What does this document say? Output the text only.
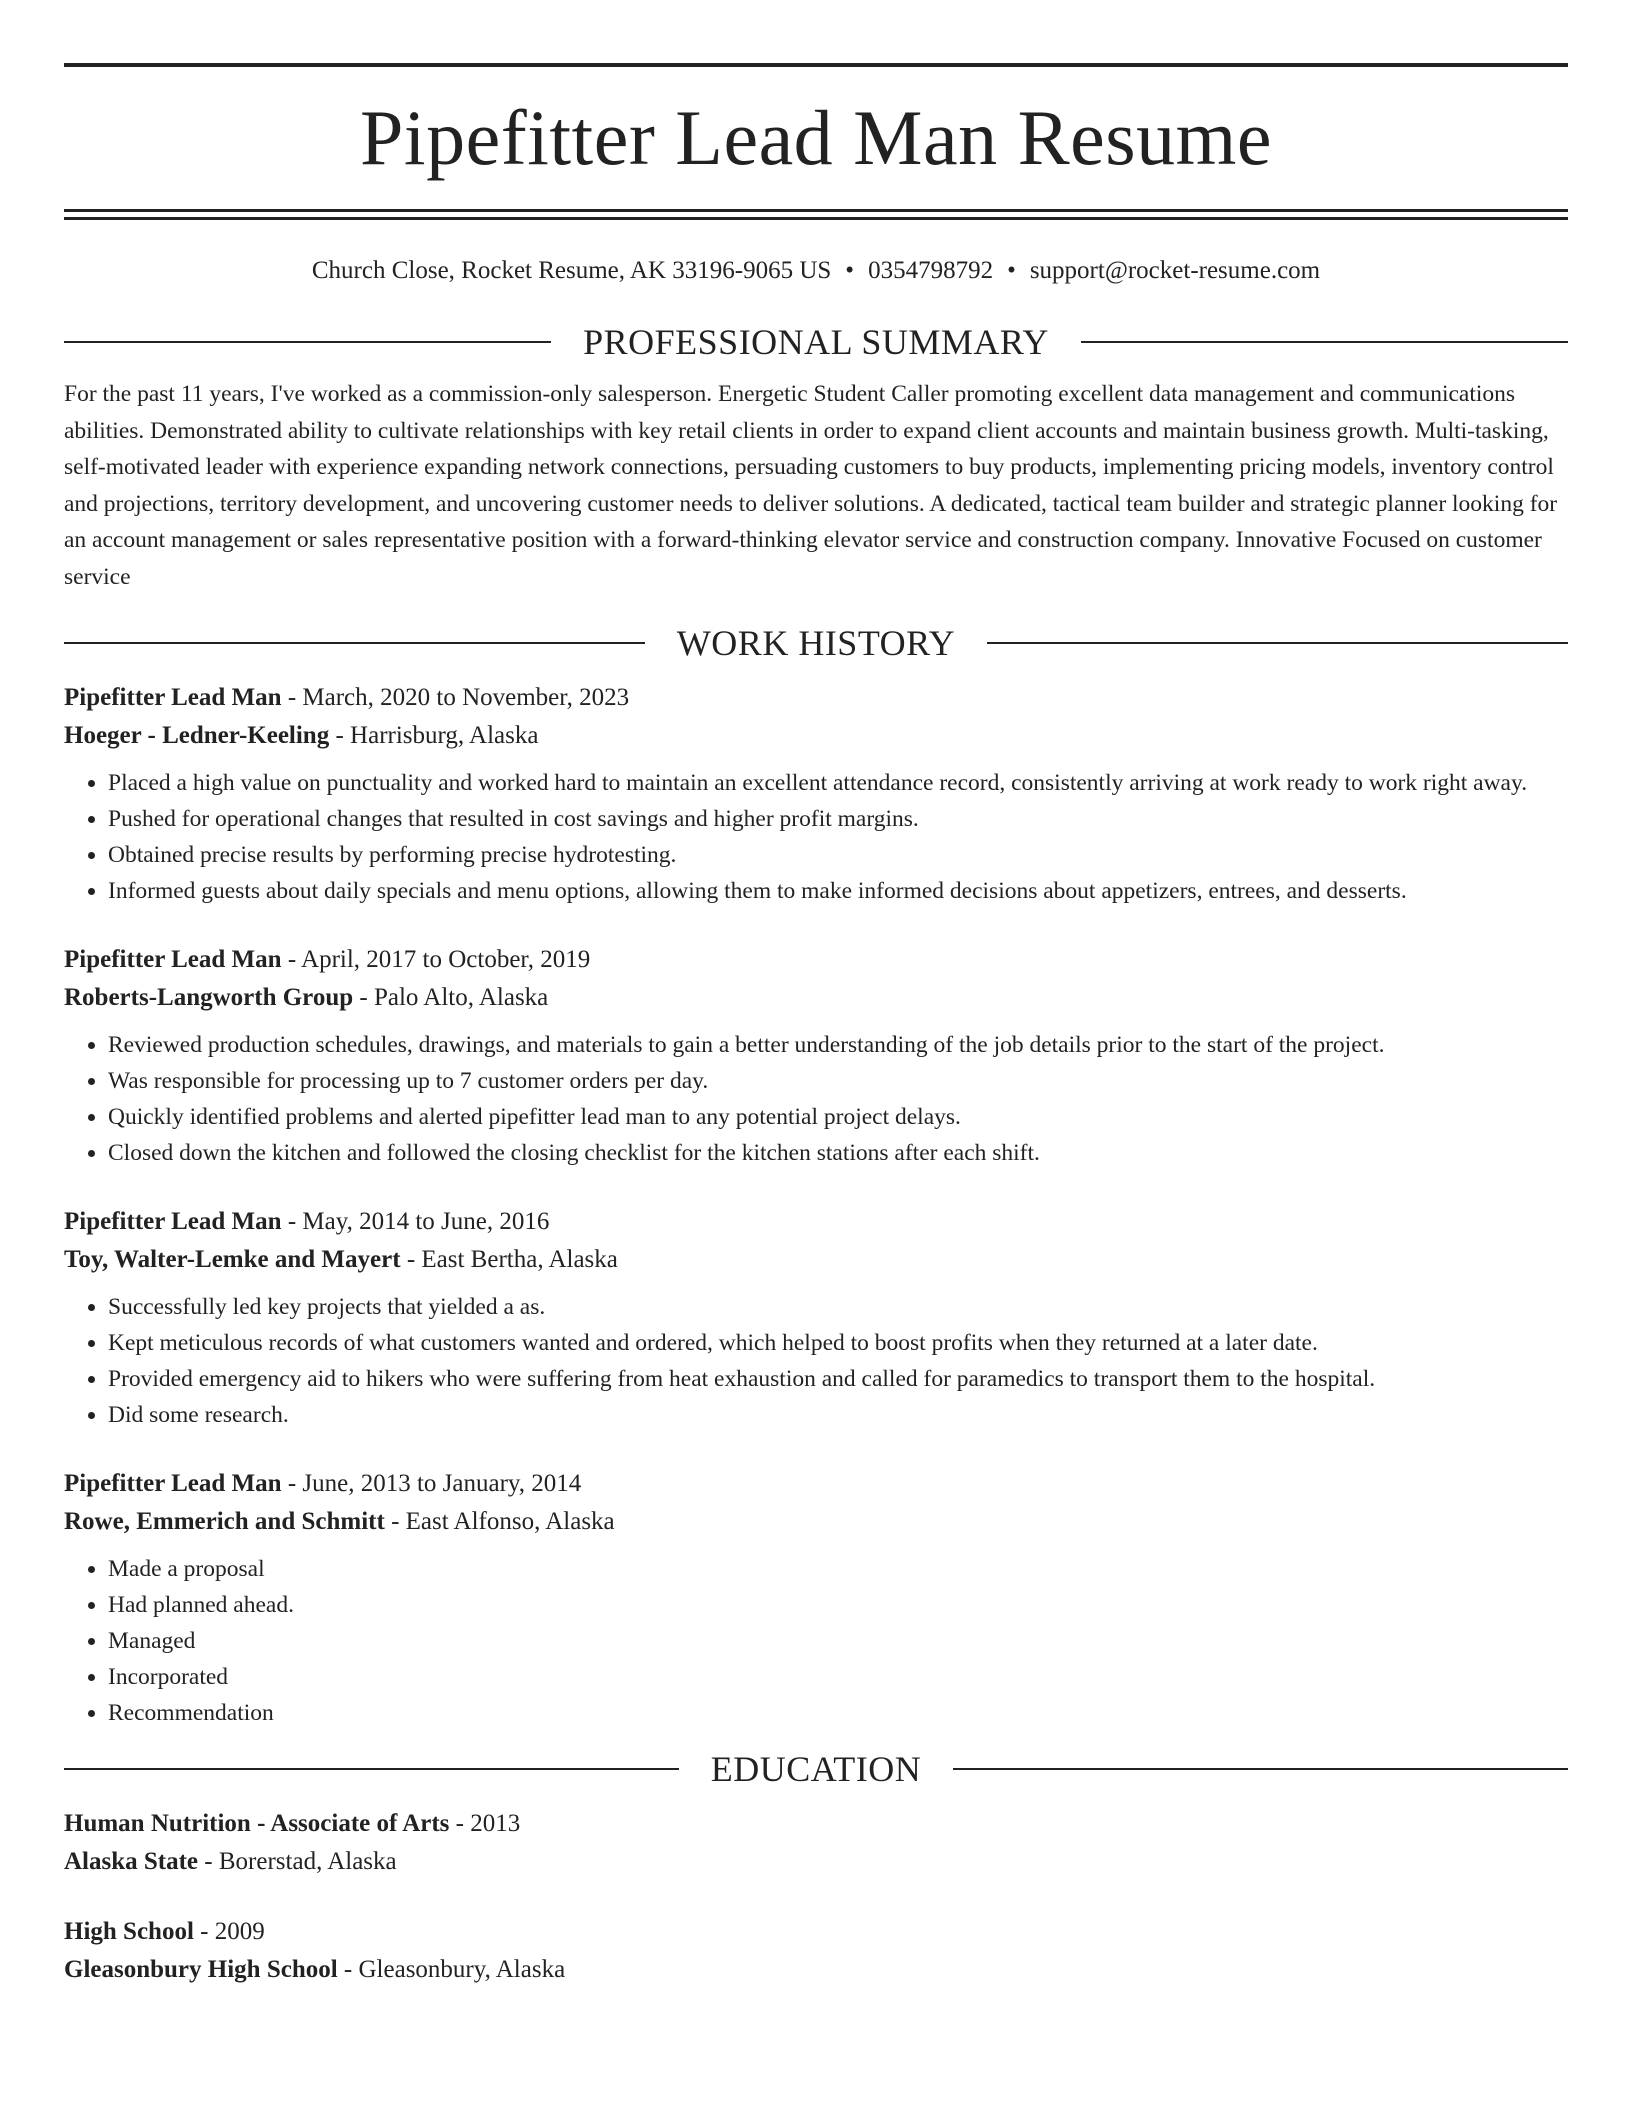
Pipefitter Lead Man Resume
Church Close, Rocket Resume, AK 33196-9065 US • 0354798792 • support@rocket-resume.com
PROFESSIONAL SUMMARY
For the past 11 years, I've worked as a commission-only salesperson. Energetic Student Caller promoting excellent data management and communications abilities. Demonstrated ability to cultivate relationships with key retail clients in order to expand client accounts and maintain business growth. Multi-tasking, self-motivated leader with experience expanding network connections, persuading customers to buy products, implementing pricing models, inventory control and projections, territory development, and uncovering customer needs to deliver solutions. A dedicated, tactical team builder and strategic planner looking for an account management or sales representative position with a forward-thinking elevator service and construction company. Innovative Focused on customer service
WORK HISTORY
Pipefitter Lead Man - March, 2020 to November, 2023
Hoeger - Ledner-Keeling - Harrisburg, Alaska
• Placed a high value on punctuality and worked hard to maintain an excellent attendance record, consistently arriving at work ready to work right away.
• Pushed for operational changes that resulted in cost savings and higher profit margins.
• Obtained precise results by performing precise hydrotesting.
• Informed guests about daily specials and menu options, allowing them to make informed decisions about appetizers, entrees, and desserts.
Pipefitter Lead Man - April, 2017 to October, 2019
Roberts-Langworth Group - Palo Alto, Alaska
• Reviewed production schedules, drawings, and materials to gain a better understanding of the job details prior to the start of the project.
• Was responsible for processing up to 7 customer orders per day.
• Quickly identified problems and alerted pipefitter lead man to any potential project delays.
• Closed down the kitchen and followed the closing checklist for the kitchen stations after each shift.
Pipefitter Lead Man - May, 2014 to June, 2016
Toy, Walter-Lemke and Mayert - East Bertha, Alaska
• Successfully led key projects that yielded a as.
• Kept meticulous records of what customers wanted and ordered, which helped to boost profits when they returned at a later date.
• Provided emergency aid to hikers who were suffering from heat exhaustion and called for paramedics to transport them to the hospital.
• Did some research.
Pipefitter Lead Man - June, 2013 to January, 2014
Rowe, Emmerich and Schmitt - East Alfonso, Alaska
• Made a proposal
• Had planned ahead.
• Managed
• Incorporated
• Recommendation
EDUCATION
Human Nutrition - Associate of Arts - 2013
Alaska State - Borerstad, Alaska
High School - 2009
Gleasonbury High School - Gleasonbury, Alaska
